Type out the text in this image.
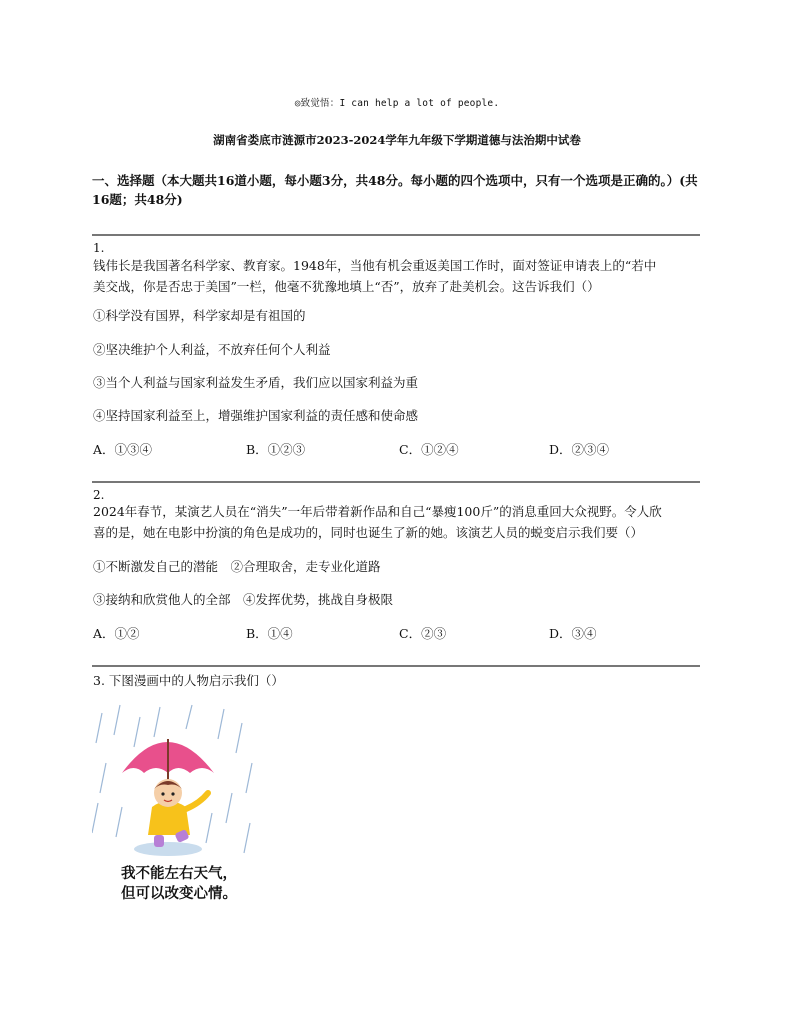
◎致觉悟：I can help a lot of people.
湖南省娄底市涟源市2023-2024学年九年级下学期道德与法治期中试卷
一、选择题（本大题共16道小题，每小题3分，共48分。每小题的四个选项中，只有一个选项是正确的。）(共16题；共48分)
1.
钱伟长是我国著名科学家、教育家。1948年，当他有机会重返美国工作时，面对签证申请表上的“若中
美交战，你是否忠于美国”一栏，他毫不犹豫地填上“否”，放弃了赴美机会。这告诉我们（）
①科学没有国界，科学家却是有祖国的
②坚决维护个人利益，不放弃任何个人利益
③当个人利益与国家利益发生矛盾，我们应以国家利益为重
④坚持国家利益至上，增强维护国家利益的责任感和使命感
A．①③④	B．①②③	C．①②④	D．②③④
2.
2024年春节，某演艺人员在“消失”一年后带着新作品和自己“暴瘦100斤”的消息重回大众视野。令人欣
喜的是，她在电影中扮演的角色是成功的，同时也诞生了新的她。该演艺人员的蜕变启示我们要（）
①不断激发自己的潜能　②合理取舍，走专业化道路
③接纳和欣赏他人的全部　④发挥优势，挑战自身极限
A．①②	B．①④	C．②③	D．③④
3. 下图漫画中的人物启示我们（）
我不能左右天气，
但可以改变心情。
